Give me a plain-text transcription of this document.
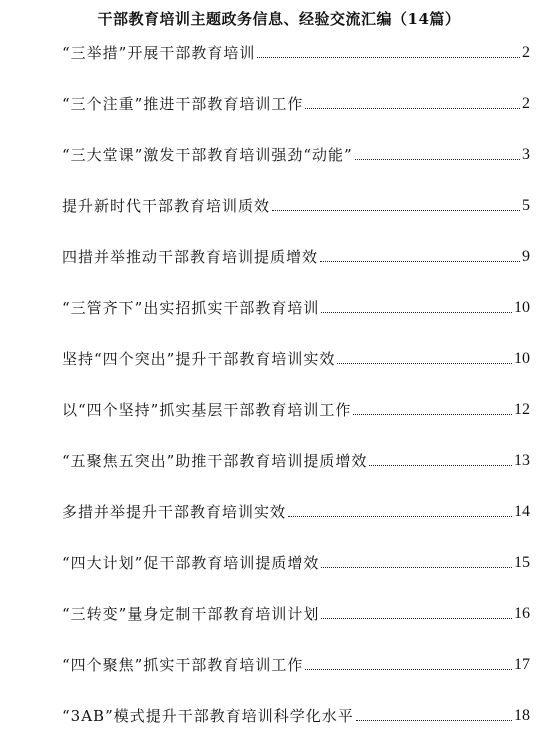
干部教育培训主题政务信息、经验交流汇编（14篇）
“三举措”开展干部教育培训	2
“三个注重”推进干部教育培训工作	2
“三大堂课”激发干部教育培训强劲“动能”	3
提升新时代干部教育培训质效	5
四措并举推动干部教育培训提质增效	9
“三管齐下”出实招抓实干部教育培训	10
坚持“四个突出”提升干部教育培训实效	10
以“四个坚持”抓实基层干部教育培训工作	12
“五聚焦五突出”助推干部教育培训提质增效	13
多措并举提升干部教育培训实效	14
“四大计划”促干部教育培训提质增效	15
“三转变”量身定制干部教育培训计划	16
“四个聚焦”抓实干部教育培训工作	17
“3AB”模式提升干部教育培训科学化水平	18
